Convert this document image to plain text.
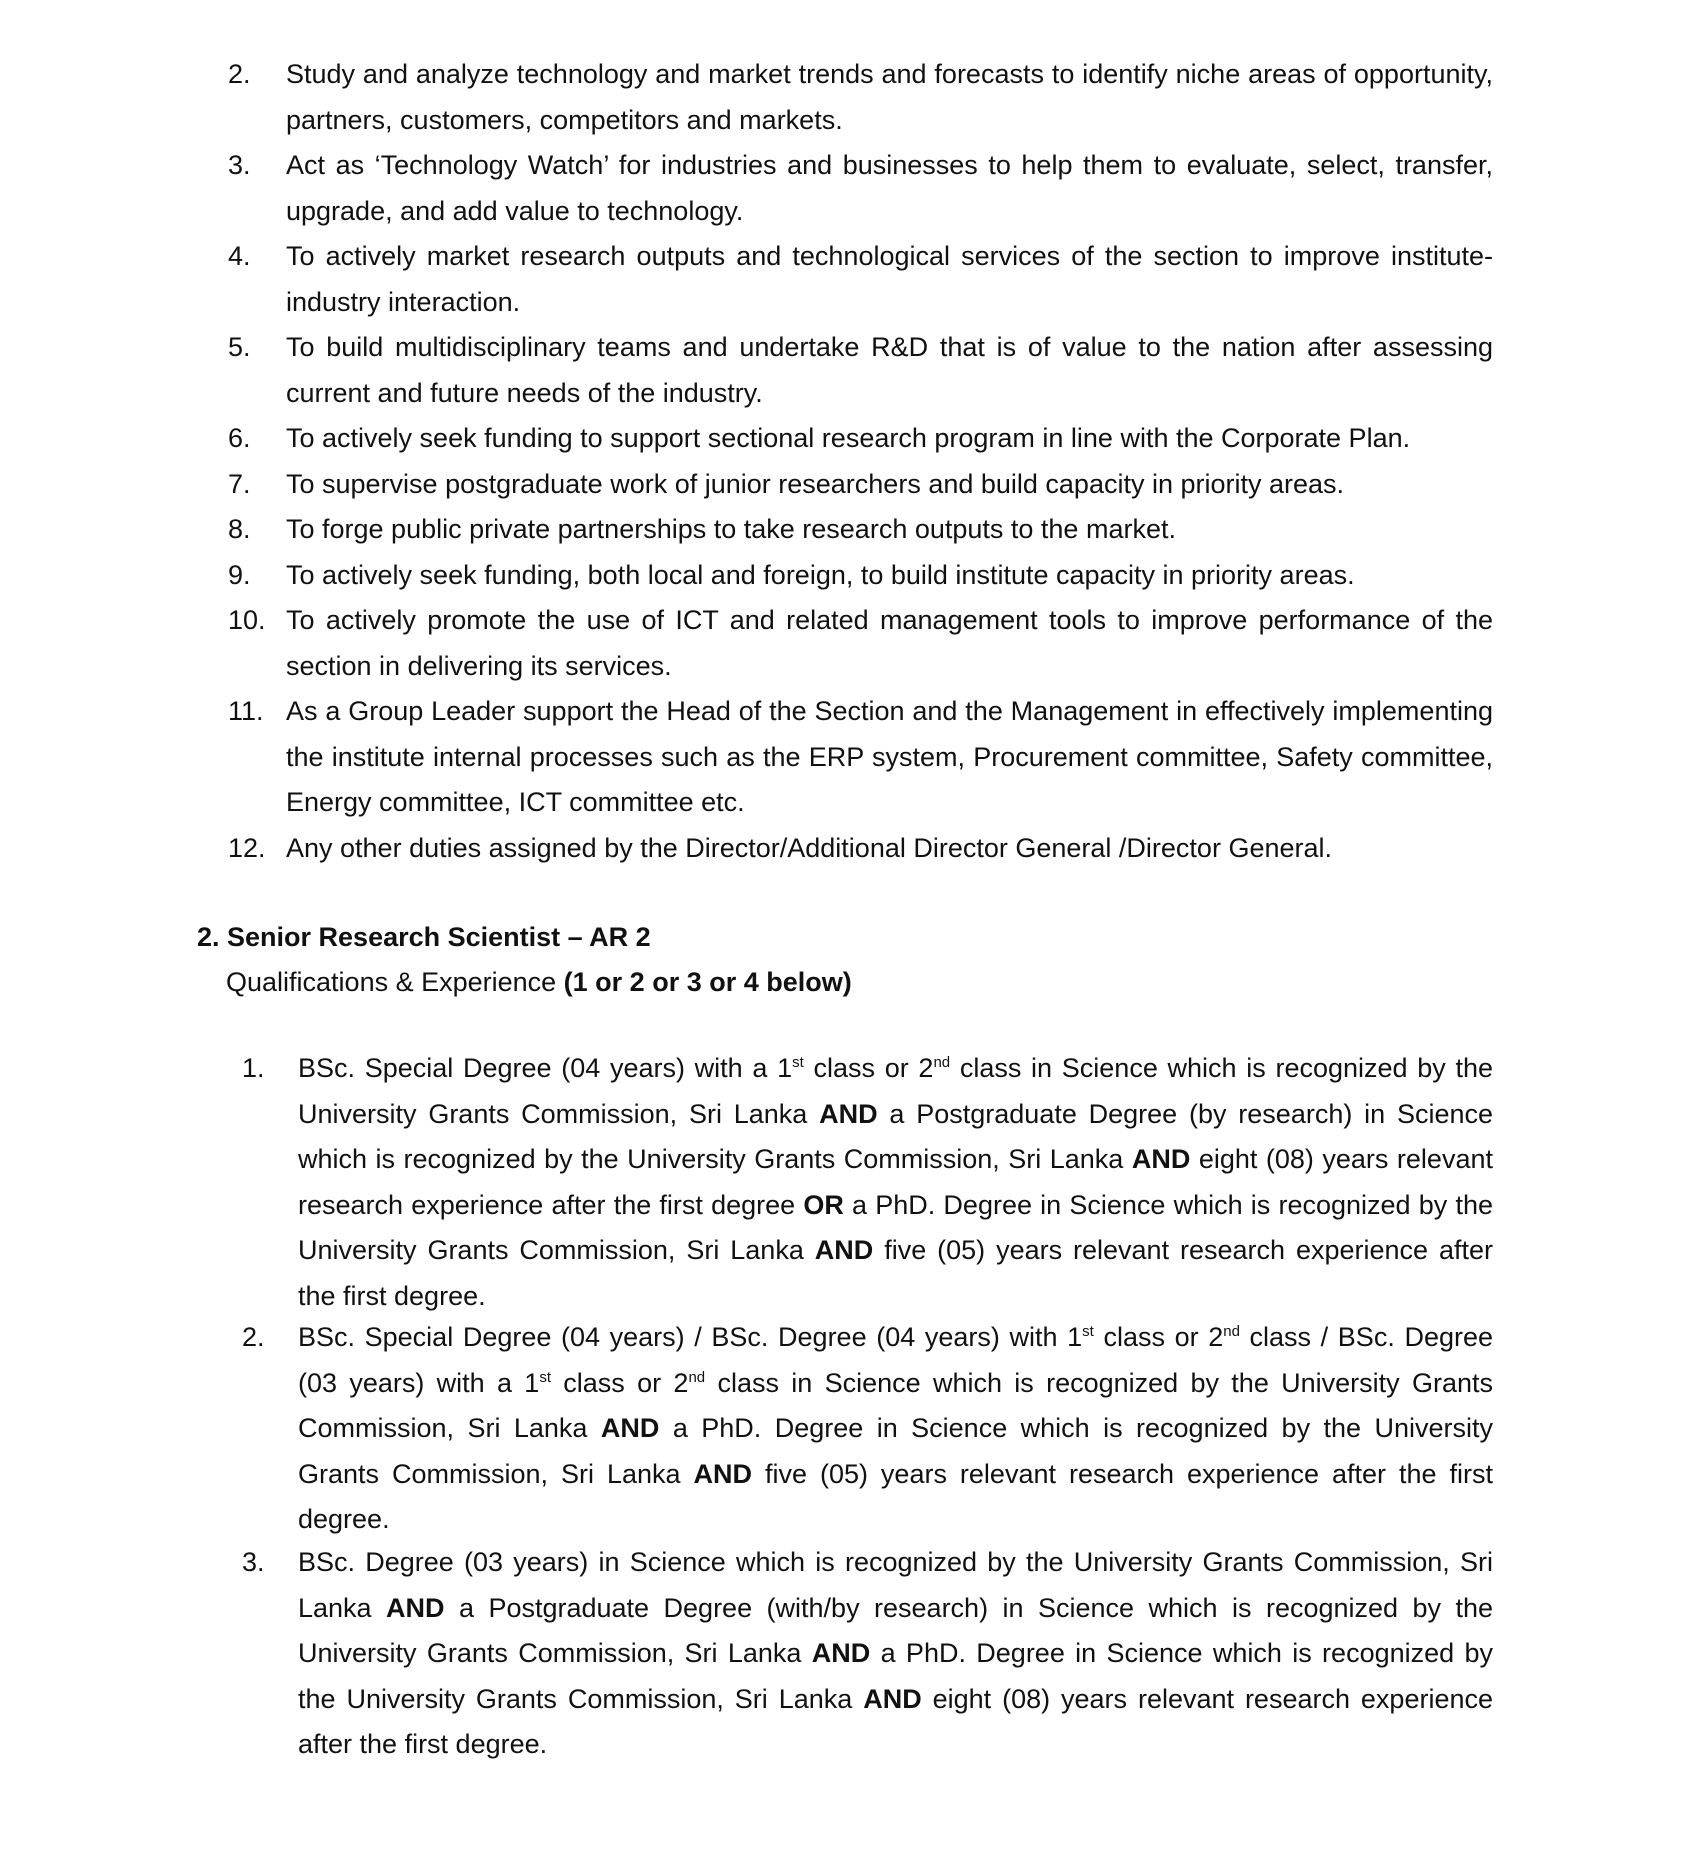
2.	Study and analyze technology and market trends and forecasts to identify niche areas of opportunity, partners, customers, competitors and markets.
3.	Act as ‘Technology Watch’ for industries and businesses to help them to evaluate, select, transfer, upgrade, and add value to technology.
4.	To actively market research outputs and technological services of the section to improve institute-industry interaction.
5.	To build multidisciplinary teams and undertake R&D that is of value to the nation after assessing current and future needs of the industry.
6.	To actively seek funding to support sectional research program in line with the Corporate Plan.
7.	To supervise postgraduate work of junior researchers and build capacity in priority areas.
8.	To forge public private partnerships to take research outputs to the market.
9.	To actively seek funding, both local and foreign, to build institute capacity in priority areas.
10. To actively promote the use of ICT and related management tools to improve performance of the section in delivering its services.
11. As a Group Leader support the Head of the Section and the Management in effectively implementing the institute internal processes such as the ERP system, Procurement committee, Safety committee, Energy committee, ICT committee etc.
12. Any other duties assigned by the Director/Additional Director General /Director General.
2. Senior Research Scientist – AR 2
Qualifications & Experience (1 or 2 or 3 or 4 below)
1.	BSc. Special Degree (04 years) with a 1st class or 2nd class in Science which is recognized by the University Grants Commission, Sri Lanka AND a Postgraduate Degree (by research) in Science which is recognized by the University Grants Commission, Sri Lanka AND eight (08) years relevant research experience after the first degree OR a PhD. Degree in Science which is recognized by the University Grants Commission, Sri Lanka AND five (05) years relevant research experience after the first degree.
2.	BSc. Special Degree (04 years) / BSc. Degree (04 years) with 1st class or 2nd class / BSc. Degree (03 years) with a 1st class or 2nd class in Science which is recognized by the University Grants Commission, Sri Lanka AND a PhD. Degree in Science which is recognized by the University Grants Commission, Sri Lanka AND five (05) years relevant research experience after the first degree.
3.	BSc. Degree (03 years) in Science which is recognized by the University Grants Commission, Sri Lanka AND a Postgraduate Degree (with/by research) in Science which is recognized by the University Grants Commission, Sri Lanka AND a PhD. Degree in Science which is recognized by the University Grants Commission, Sri Lanka AND eight (08) years relevant research experience after the first degree.
